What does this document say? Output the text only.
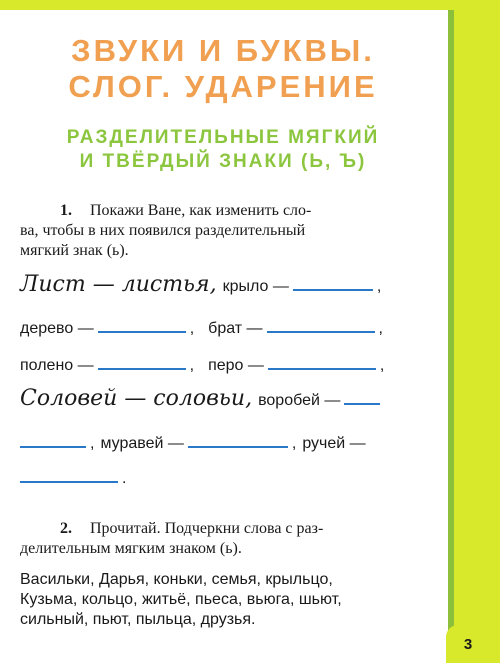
ЗВУКИ И БУКВЫ.
СЛОГ. УДАРЕНИЕ
РАЗДЕЛИТЕЛЬНЫЕ МЯГКИЙ
И ТВЁРДЫЙ ЗНАКИ (Ь, Ъ)
1. Покажи Ване, как изменить сло-
ва, чтобы в них появился разделительный
мягкий знак (ь).
Лист — листья, крыло —	,
дерево —	, брат —	,
полено —	, перо —	,
Соловей — соловьи, воробей —
, муравей —	, ручей —
.
2. Прочитай. Подчеркни слова с раз-
делительным мягким знаком (ь).
Васильки, Дарья, коньки, семья, крыльцо,
Кузьма, кольцо, житьё, пьеса, вьюга, шьют,
сильный, пьют, пыльца, друзья.
3
